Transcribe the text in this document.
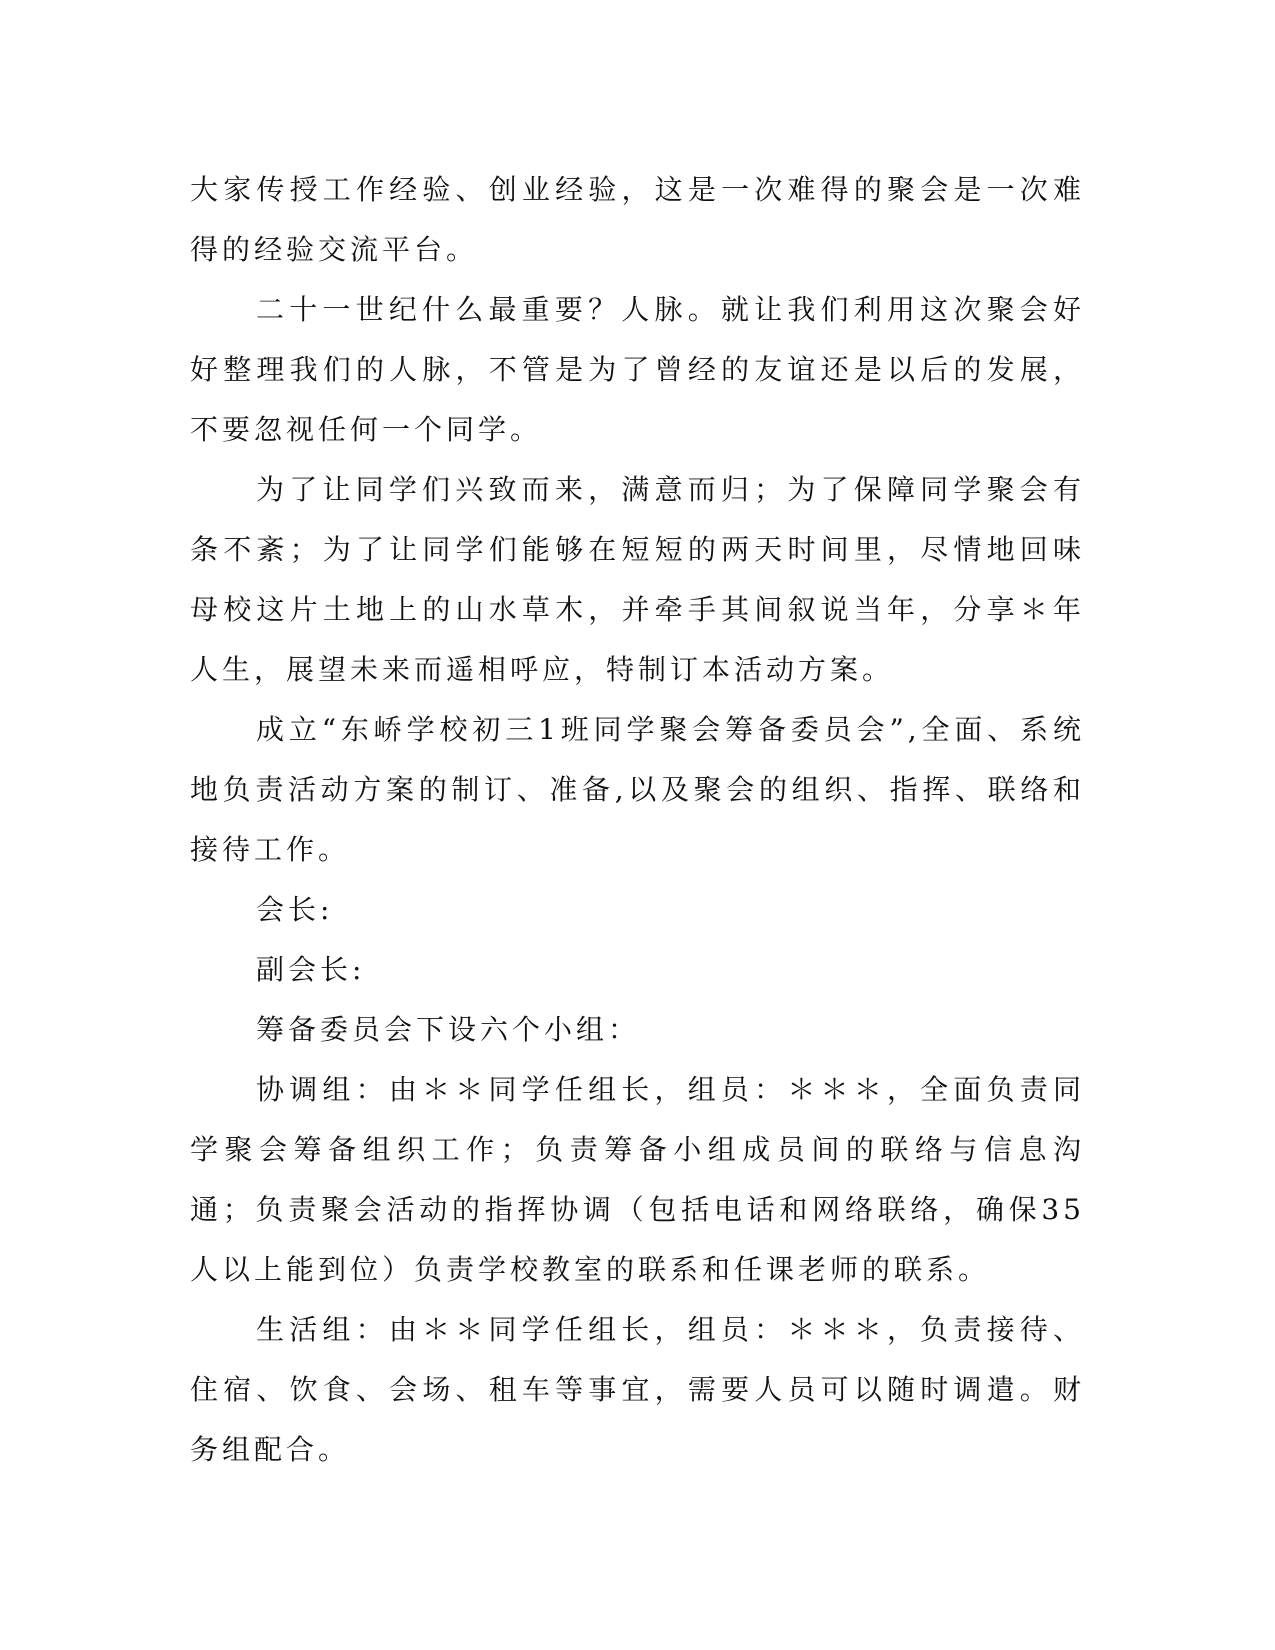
大家传授工作经验、创业经验，这是一次难得的聚会是一次难得的经验交流平台。

二十一世纪什么最重要？人脉。就让我们利用这次聚会好好整理我们的人脉，不管是为了曾经的友谊还是以后的发展，不要忽视任何一个同学。

为了让同学们兴致而来，满意而归；为了保障同学聚会有条不紊；为了让同学们能够在短短的两天时间里，尽情地回味母校这片土地上的山水草木，并牵手其间叙说当年，分享＊年人生，展望未来而遥相呼应，特制订本活动方案。

成立“东峤学校初三1班同学聚会筹备委员会”,全面、系统地负责活动方案的制订、准备,以及聚会的组织、指挥、联络和接待工作。

会长:

副会长:

筹备委员会下设六个小组：

协调组：由＊＊同学任组长，组员：＊＊＊，全面负责同学聚会筹备组织工作；负责筹备小组成员间的联络与信息沟通；负责聚会活动的指挥协调（包括电话和网络联络，确保35人以上能到位）负责学校教室的联系和任课老师的联系。

生活组：由＊＊同学任组长，组员：＊＊＊，负责接待、住宿、饮食、会场、租车等事宜，需要人员可以随时调遣。财务组配合。
